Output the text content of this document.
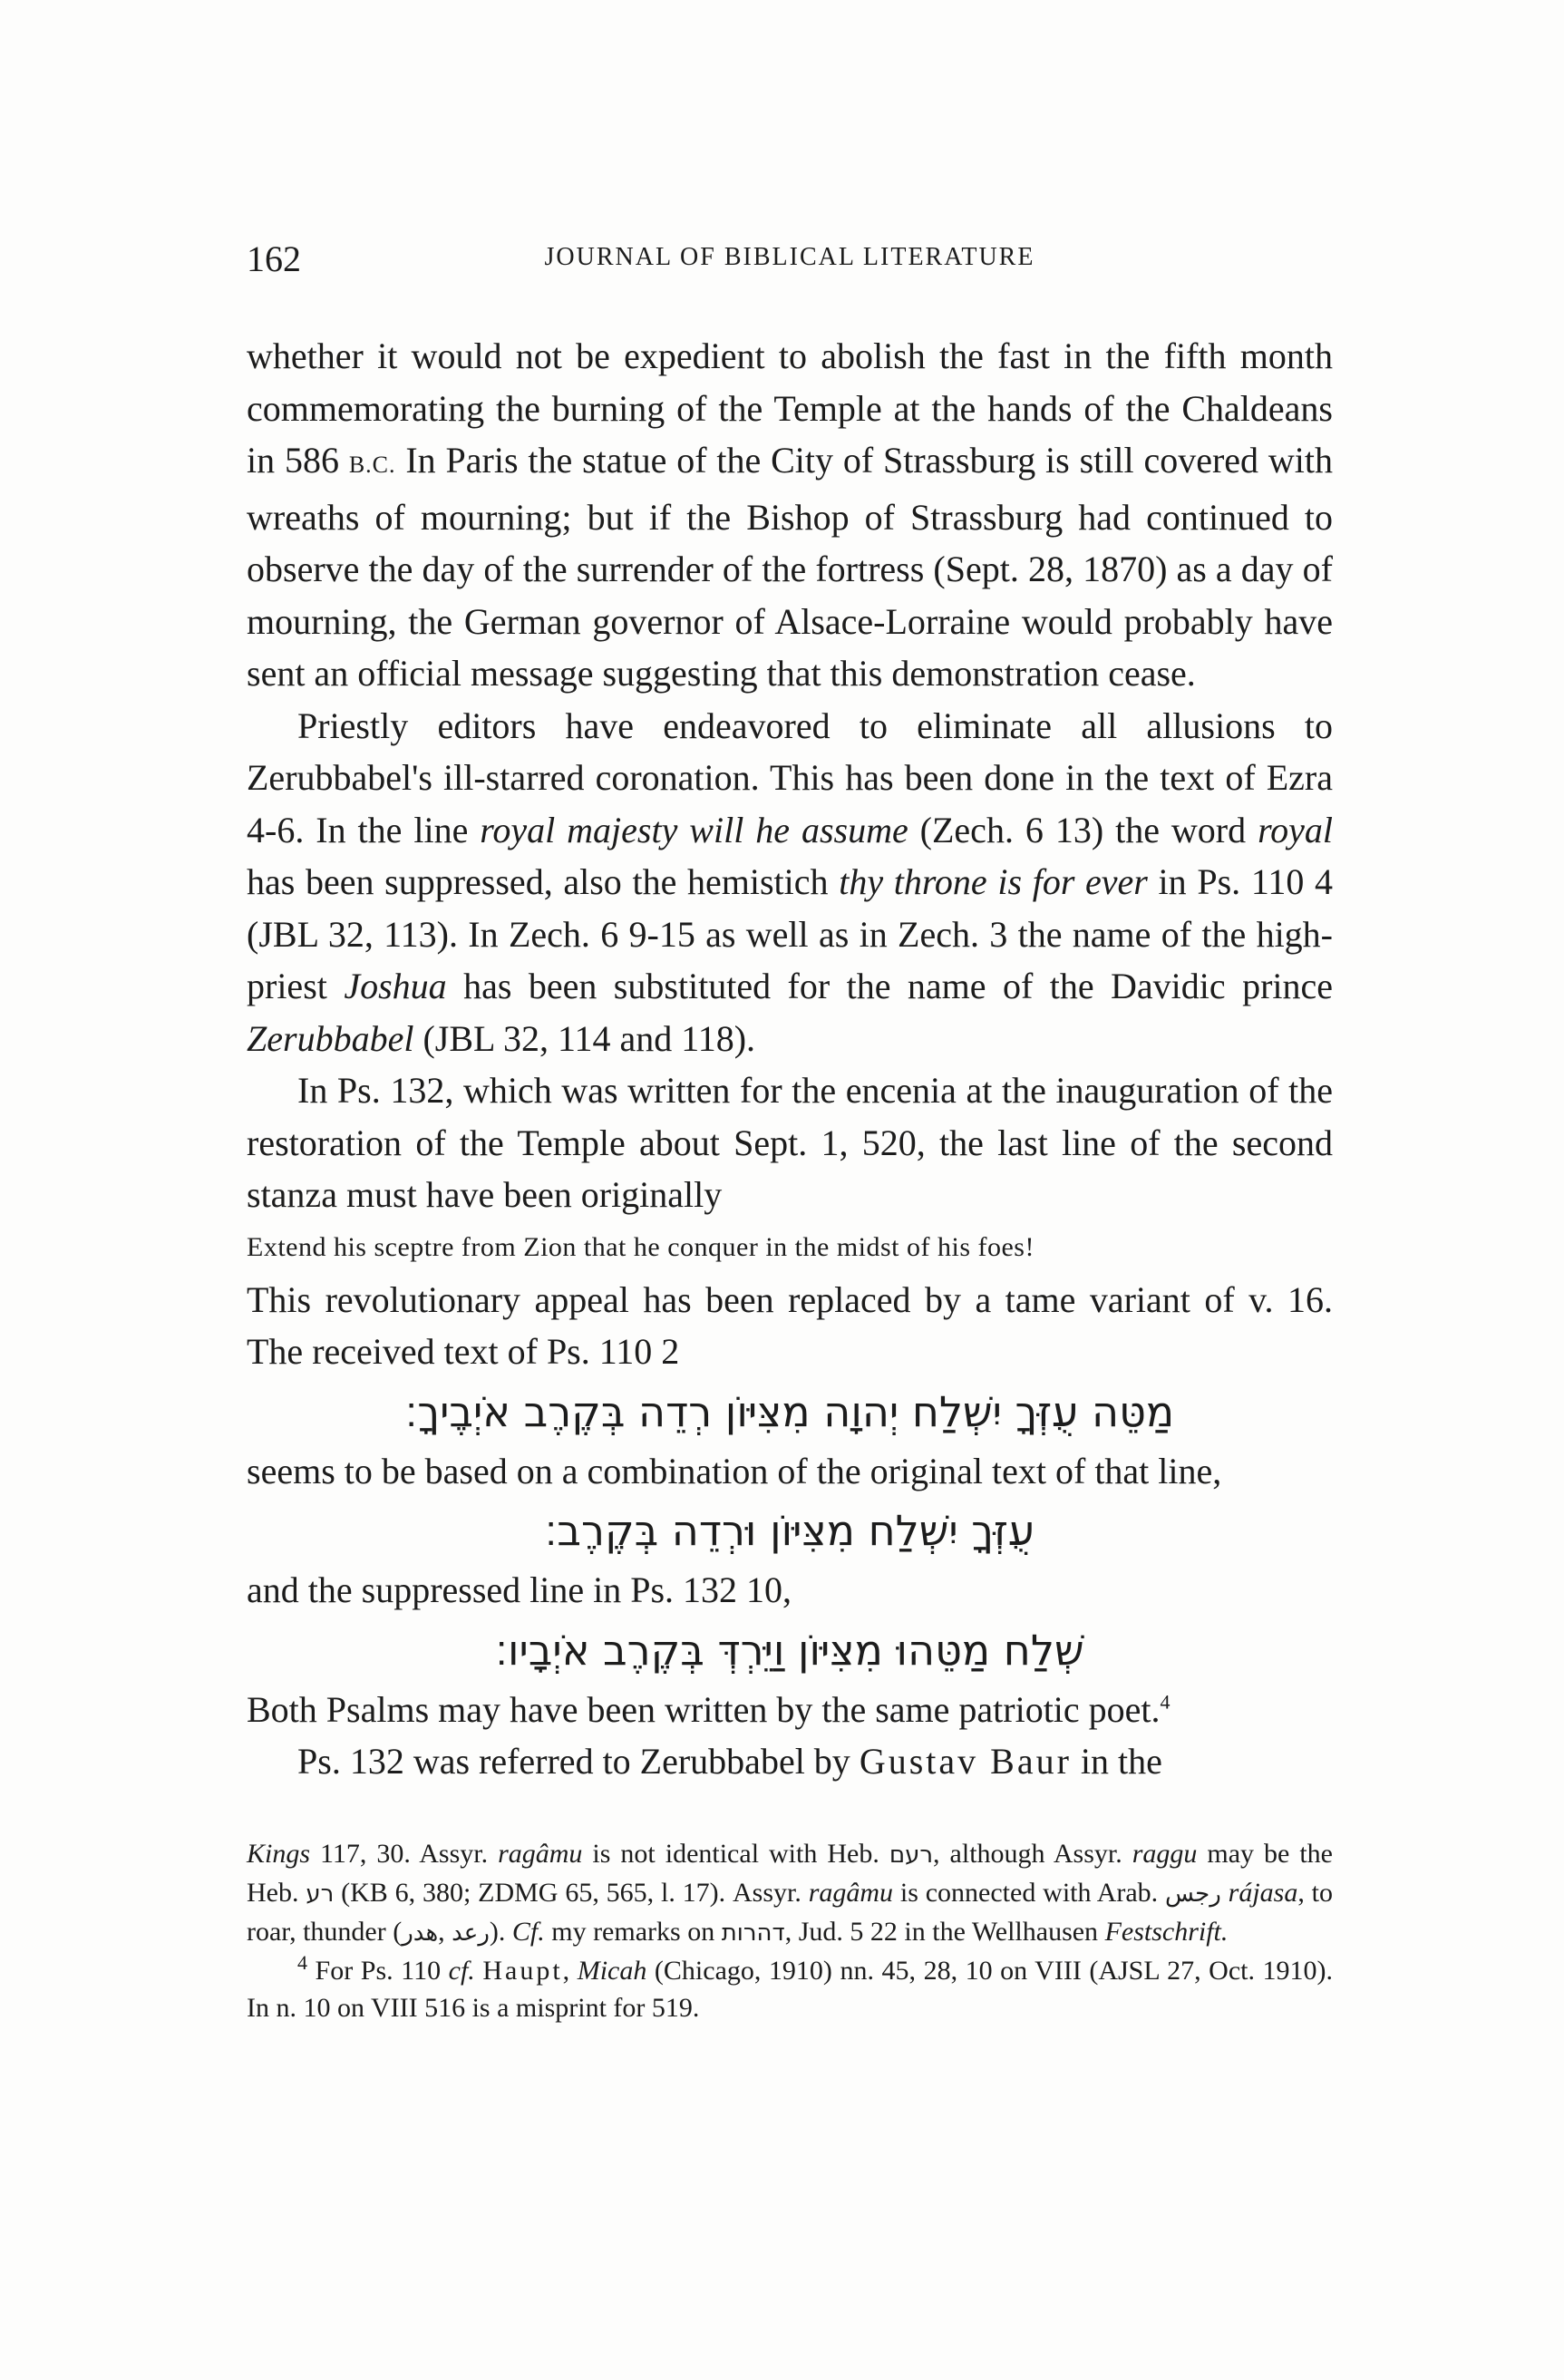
162	JOURNAL OF BIBLICAL LITERATURE

whether it would not be expedient to abolish the fast in the fifth month commemorating the burning of the Temple at the hands of the Chaldeans in 586 B.C. In Paris the statue of the City of Strassburg is still covered with wreaths of mourning; but if the Bishop of Strassburg had continued to observe the day of the surrender of the fortress (Sept. 28, 1870) as a day of mourning, the German governor of Alsace-Lorraine would probably have sent an official message suggesting that this demonstration cease.

Priestly editors have endeavored to eliminate all allusions to Zerubbabel's ill-starred coronation. This has been done in the text of Ezra 4-6. In the line royal majesty will he assume (Zech. 6 13) the word royal has been suppressed, also the hemistich thy throne is for ever in Ps. 110 4 (JBL 32, 113). In Zech. 6 9-15 as well as in Zech. 3 the name of the high-priest Joshua has been substituted for the name of the Davidic prince Zerubbabel (JBL 32, 114 and 118).

In Ps. 132, which was written for the encenia at the inauguration of the restoration of the Temple about Sept. 1, 520, the last line of the second stanza must have been originally

Extend his sceptre from Zion that he conquer in the midst of his foes!

This revolutionary appeal has been replaced by a tame variant of v. 16. The received text of Ps. 110 2

מַטֵּה עֻזְּךָ יִשְׁלַח יְהוָה מִצִּיּוֹן רְדֵה בְּקֶרֶב אֹיְבֶיךָ׃

seems to be based on a combination of the original text of that line,

עֻזְּךָ יִשְׁלַח מִצִּיּוֹן וּרְדֵה בְּקֶרֶב׃

and the suppressed line in Ps. 132 10,

שְׁלַח מַטֵּהוּ מִצִּיּוֹן וַיֵּרְדְּ בְּקֶרֶב אֹיְבָיו׃

Both Psalms may have been written by the same patriotic poet.$^4$

Ps. 132 was referred to Zerubbabel by Gustav Baur in the

Kings 117, 30. Assyr. ragâmu is not identical with Heb. רעם, although Assyr. raggu may be the Heb. רע (KB 6, 380; ZDMG 65, 565, l. 17). Assyr. ragâmu is connected with Arab. رجس rájasa, to roar, thunder (هدر, رعد). Cf. my remarks on דהרות, Jud. 5 22 in the Wellhausen Festschrift.

$^4$ For Ps. 110 cf. Haupt, Micah (Chicago, 1910) nn. 45, 28, 10 on VIII (AJSL 27, Oct. 1910). In n. 10 on VIII 516 is a misprint for 519.
